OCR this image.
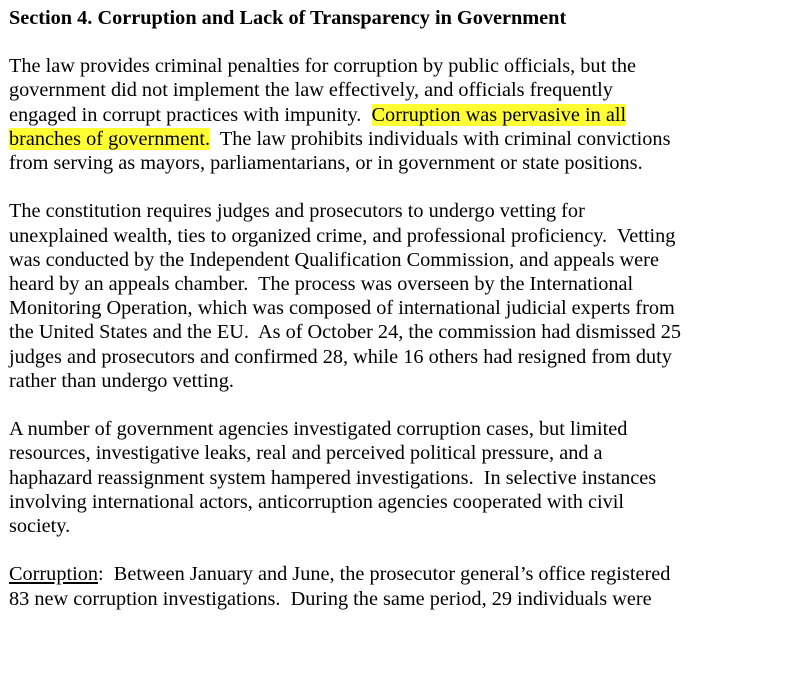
Section 4. Corruption and Lack of Transparency in Government
The law provides criminal penalties for corruption by public officials, but the
government did not implement the law effectively, and officials frequently
engaged in corrupt practices with impunity.  Corruption was pervasive in all
branches of government.  The law prohibits individuals with criminal convictions
from serving as mayors, parliamentarians, or in government or state positions.
The constitution requires judges and prosecutors to undergo vetting for
unexplained wealth, ties to organized crime, and professional proficiency.  Vetting
was conducted by the Independent Qualification Commission, and appeals were
heard by an appeals chamber.  The process was overseen by the International
Monitoring Operation, which was composed of international judicial experts from
the United States and the EU.  As of October 24, the commission had dismissed 25
judges and prosecutors and confirmed 28, while 16 others had resigned from duty
rather than undergo vetting.
A number of government agencies investigated corruption cases, but limited
resources, investigative leaks, real and perceived political pressure, and a
haphazard reassignment system hampered investigations.  In selective instances
involving international actors, anticorruption agencies cooperated with civil
society.
Corruption:  Between January and June, the prosecutor general’s office registered
83 new corruption investigations.  During the same period, 29 individuals were
